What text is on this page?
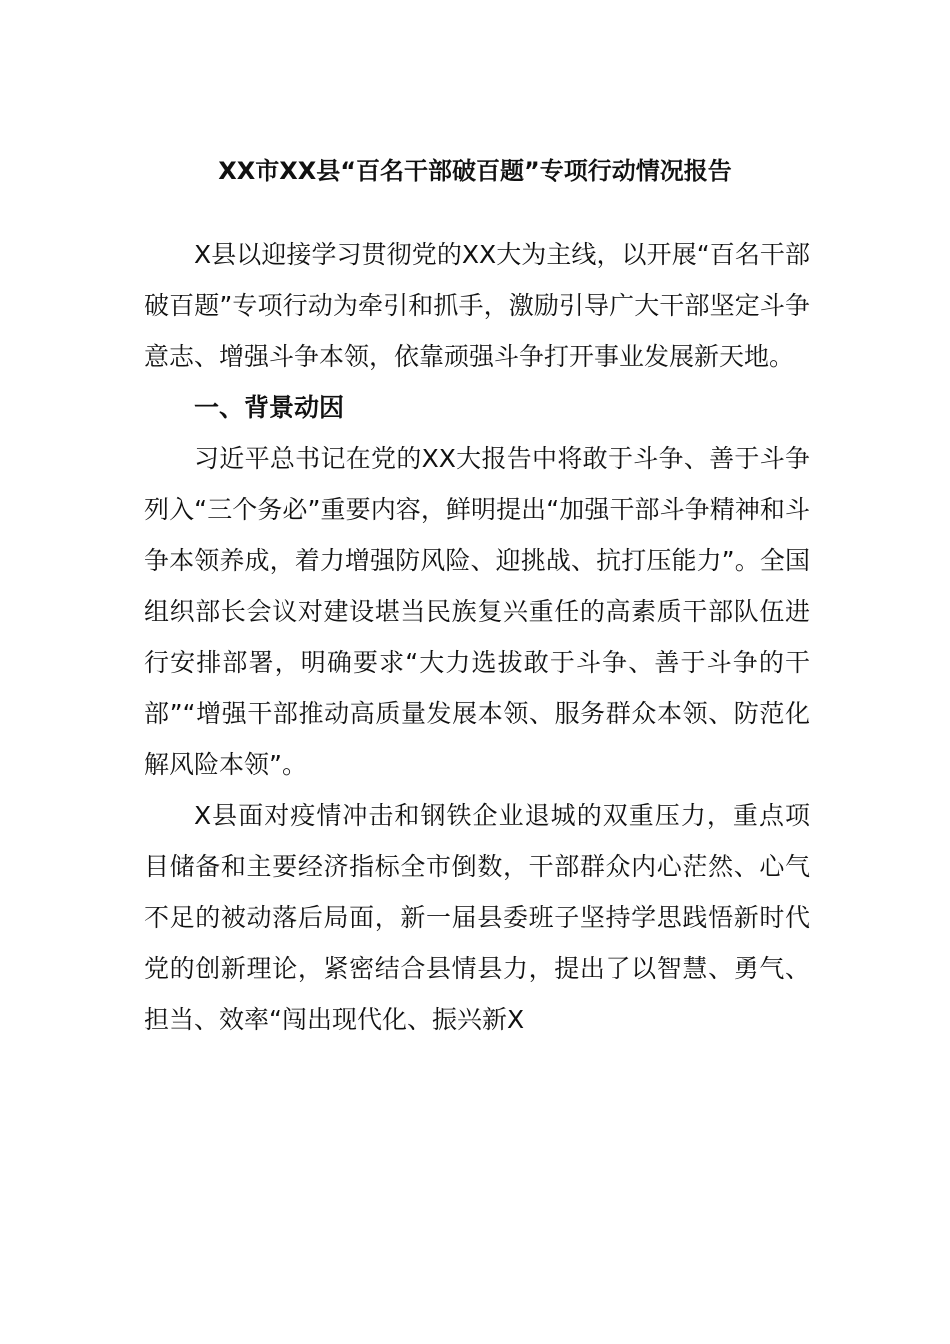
XX市XX县“百名干部破百题”专项行动情况报告

X县以迎接学习贯彻党的XX大为主线，以开展“百名干部破百题”专项行动为牵引和抓手，激励引导广大干部坚定斗争意志、增强斗争本领，依靠顽强斗争打开事业发展新天地。

一、背景动因

习近平总书记在党的XX大报告中将敢于斗争、善于斗争列入“三个务必”重要内容，鲜明提出“加强干部斗争精神和斗争本领养成，着力增强防风险、迎挑战、抗打压能力”。全国组织部长会议对建设堪当民族复兴重任的高素质干部队伍进行安排部署，明确要求“大力选拔敢于斗争、善于斗争的干部”“增强干部推动高质量发展本领、服务群众本领、防范化解风险本领”。

X县面对疫情冲击和钢铁企业退城的双重压力，重点项目储备和主要经济指标全市倒数，干部群众内心茫然、心气不足的被动落后局面，新一届县委班子坚持学思践悟新时代党的创新理论，紧密结合县情县力，提出了以智慧、勇气、担当、效率“闯出现代化、振兴新X
